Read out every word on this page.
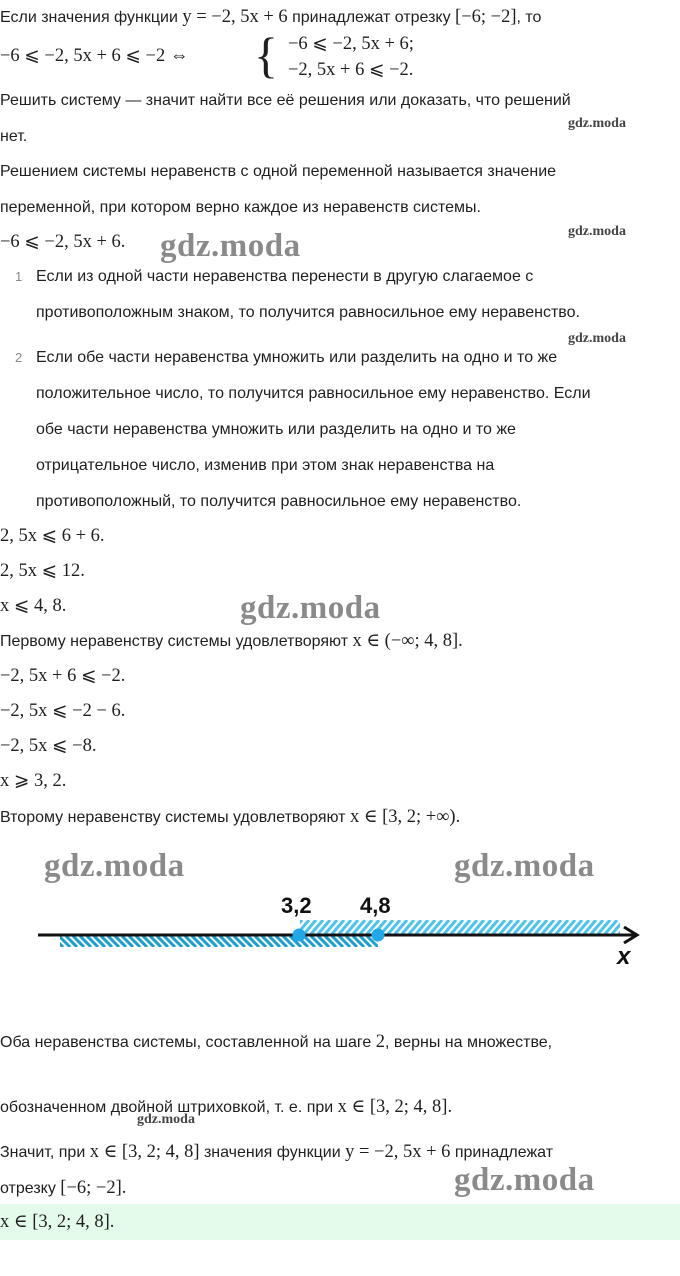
Если значения функции y = −2, 5x + 6 принадлежат отрезку [−6; −2], то
−6 ⩽ −2, 5x + 6 ⩽ −2 ⇔ { −6 ⩽ −2, 5x + 6;
−2, 5x + 6 ⩽ −2.
Решить систему — значит найти все её решения или доказать, что решений
нет.
gdz.moda
Решением системы неравенств с одной переменной называется значение
переменной, при котором верно каждое из неравенств системы.
−6 ⩽ −2, 5x + 6. gdz.moda	gdz.moda
1 Если из одной части неравенства перенести в другую слагаемое с
противоположным знаком, то получится равносильное ему неравенство.
gdz.moda
2 Если обе части неравенства умножить или разделить на одно и то же
положительное число, то получится равносильное ему неравенство. Если
обе части неравенства умножить или разделить на одно и то же
отрицательное число, изменив при этом знак неравенства на
противоположный, то получится равносильное ему неравенство.
2, 5x ⩽ 6 + 6.
2, 5x ⩽ 12.
x ⩽ 4, 8.	gdz.moda
Первому неравенству системы удовлетворяют x ∈ (−∞; 4, 8].
−2, 5x + 6 ⩽ −2.
−2, 5x ⩽ −2 − 6.
−2, 5x ⩽ −8.
x ⩾ 3, 2.
Второму неравенству системы удовлетворяют x ∈ [3, 2; +∞).
gdz.moda	gdz.moda
3,2 4,8
x
Оба неравенства системы, составленной на шаге 2, верны на множестве,
обозначенном двойной штриховкой, т. е. при x ∈ [3, 2; 4, 8].
gdz.moda
Значит, при x ∈ [3, 2; 4, 8] значения функции y = −2, 5x + 6 принадлежат
отрезку [−6; −2].	gdz.moda
x ∈ [3, 2; 4, 8].
